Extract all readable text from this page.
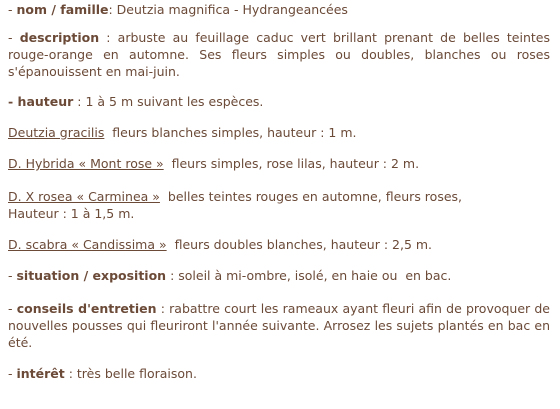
- nom / famille: Deutzia magnifica - Hydrangeancées

- description : arbuste au feuillage caduc vert brillant prenant de belles teintes rouge-orange en automne. Ses fleurs simples ou doubles, blanches ou roses s'épanouissent en mai-juin.

- hauteur : 1 à 5 m suivant les espèces.

Deutzia gracilis  fleurs blanches simples, hauteur : 1 m.

D. Hybrida « Mont rose »  fleurs simples, rose lilas, hauteur : 2 m.

D. X rosea « Carminea »  belles teintes rouges en automne, fleurs roses,
Hauteur : 1 à 1,5 m.

D. scabra « Candissima »  fleurs doubles blanches, hauteur : 2,5 m.

- situation / exposition : soleil à mi-ombre, isolé, en haie ou  en bac.

- conseils d'entretien : rabattre court les rameaux ayant fleuri afin de provoquer de nouvelles pousses qui fleuriront l'année suivante. Arrosez les sujets plantés en bac en été.

- intérêt : très belle floraison.
